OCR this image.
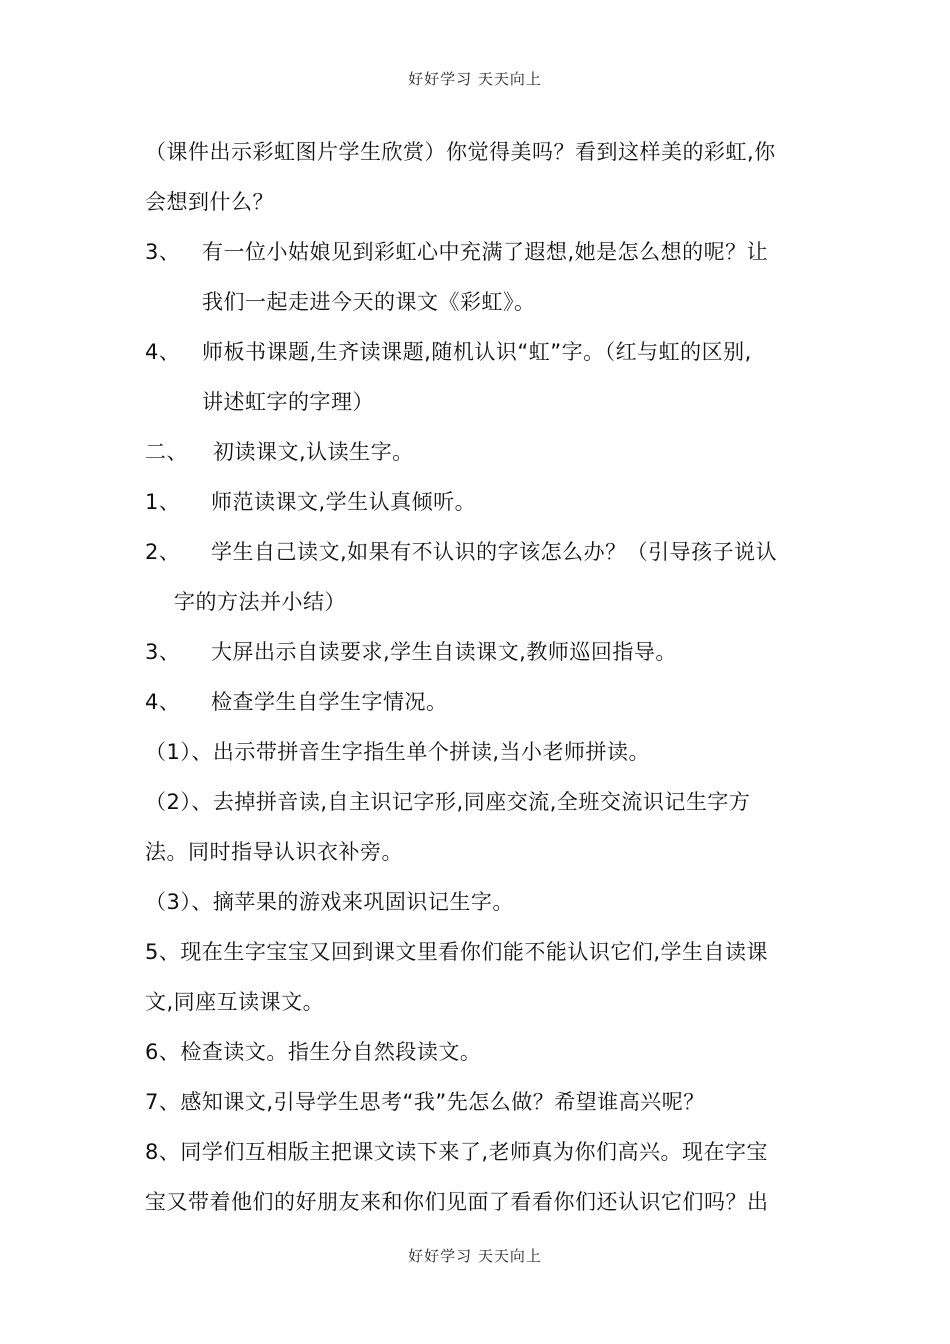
好好学习 天天向上
（课件出示彩虹图片学生欣赏）你觉得美吗？看到这样美的彩虹,你
会想到什么？
3、 有一位小姑娘见到彩虹心中充满了遐想,她是怎么想的呢？让
我们一起走进今天的课文《彩虹》。
4、 师板书课题,生齐读课题,随机认识“虹”字。（红与虹的区别,
讲述虹字的字理）
二、 初读课文,认读生字。
1、 师范读课文,学生认真倾听。
2、 学生自己读文,如果有不认识的字该怎么办？（引导孩子说认
字的方法并小结）
3、 大屏出示自读要求,学生自读课文,教师巡回指导。
4、 检查学生自学生字情况。
（1）、出示带拼音生字指生单个拼读,当小老师拼读。
（2）、去掉拼音读,自主识记字形,同座交流,全班交流识记生字方
法。同时指导认识衣补旁。
（3）、摘苹果的游戏来巩固识记生字。
5、现在生字宝宝又回到课文里看你们能不能认识它们,学生自读课
文,同座互读课文。
6、检查读文。指生分自然段读文。
7、感知课文,引导学生思考“我”先怎么做？希望谁高兴呢？
8、同学们互相版主把课文读下来了,老师真为你们高兴。现在字宝
宝又带着他们的好朋友来和你们见面了看看你们还认识它们吗？出
好好学习 天天向上
